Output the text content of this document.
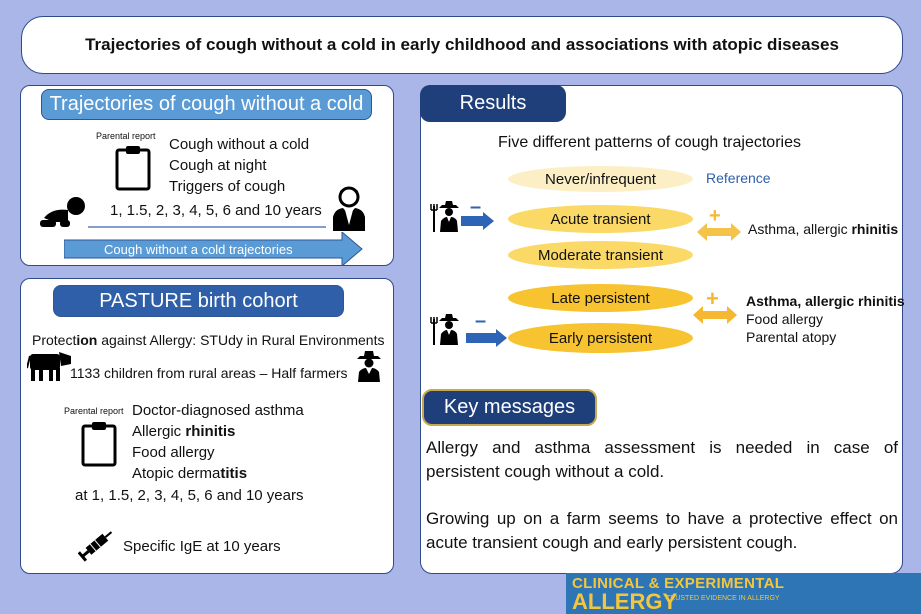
Trajectories of cough without a cold in early childhood and associations with atopic diseases
Trajectories of cough without a cold
Parental report Cough without a cold
Cough at night
Triggers of cough
1, 1.5, 2, 3, 4, 5, 6 and 10 years
Cough without a cold trajectories
PASTURE birth cohort
Protection against Allergy: STUdy in Rural Environments
1133 children from rural areas – Half farmers
Parental report Doctor-diagnosed asthma
Allergic rhinitis
Food allergy
Atopic dermatitis
at 1, 1.5, 2, 3, 4, 5, 6 and 10 years
Specific IgE at 10 years
Results
Five different patterns of cough trajectories
Never/infrequent	Reference
Acute transient
Moderate transient
Late persistent
Early persistent
–	+
Asthma, allergic rhinitis
–
+ Asthma, allergic rhinitis
Food allergy
Parental atopy
Key messages
Allergy and asthma assessment is needed in case of persistent cough without a cold.
Growing up on a farm seems to have a protective effect on acute transient cough and early persistent cough.
CLINICAL & EXPERIMENTAL
ALLERGY
TRUSTED EVIDENCE IN ALLERGY
